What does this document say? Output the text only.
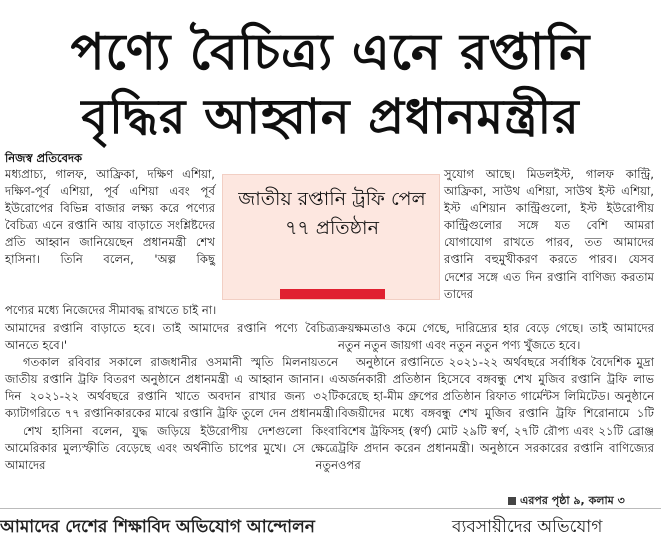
পণ্যে বৈচিত্র্য এনে রপ্তানি
বৃদ্ধির আহ্বান প্রধানমন্ত্রীর
নিজস্ব প্রতিবেদক

মধ্যপ্রাচ্য, গালফ, আফ্রিকা, দক্ষিণ এশিয়া, দক্ষিণ-পূর্ব এশিয়া, পূর্ব এশিয়া এবং পূর্ব ইউরোপের বিভিন্ন বাজার লক্ষ্য করে পণ্যের বৈচিত্র্য এনে রপ্তানি আয় বাড়াতে সংশ্লিষ্টদের প্রতি আহ্বান জানিয়েছেন প্রধানমন্ত্রী শেখ হাসিনা। তিনি বলেন, 'অল্প কিছু

জাতীয় রপ্তানি ট্রফি পেল ৭৭ প্রতিষ্ঠান

সুযোগ আছে। মিডলইস্ট, গালফ কান্ট্রি, আফ্রিকা, সাউথ এশিয়া, সাউথ ইস্ট এশিয়া, ইস্ট এশিয়ান কান্ট্রিগুলো, ইস্ট ইউরোপীয় কান্ট্রিগুলোর সঙ্গে যত বেশি আমরা যোগাযোগ রাখতে পারব, তত আমাদের রপ্তানি বহুমুখীকরণ করতে পারব। যেসব দেশের সঙ্গে এত দিন রপ্তানি বাণিজ্য করতাম তাদের

পণ্যের মধ্যে নিজেদের সীমাবদ্ধ রাখতে চাই না।

আমাদের রপ্তানি বাড়াতে হবে। তাই আমাদের রপ্তানি পণ্যে বৈচিত্র্য আনতে হবে।'

গতকাল রবিবার সকালে রাজধানীর ওসমানী স্মৃতি মিলনায়তনে জাতীয় রপ্তানি ট্রফি বিতরণ অনুষ্ঠানে প্রধানমন্ত্রী এ আহ্বান জানান। এ দিন ২০২১-২২ অর্থবছরে রপ্তানি খাতে অবদান রাখার জন্য ৩২টি ক্যাটাগরিতে ৭৭ রপ্তানিকারকের মাঝে রপ্তানি ট্রফি তুলে দেন প্রধানমন্ত্রী।

শেখ হাসিনা বলেন, যুদ্ধ জড়িয়ে ইউরোপীয় দেশগুলো কিংবা আমেরিকার মুল্যস্ফীতি বেড়েছে এবং অর্থনীতি চাপের মুখে। সে ক্ষেত্রে আমাদের নতুন

ক্রয়ক্ষমতাও কমে গেছে, দারিদ্র্যের হার বেড়ে গেছে। তাই আমাদের নতুন নতুন জায়গা এবং নতুন নতুন পণ্য খুঁজতে হবে।

অনুষ্ঠানে রপ্তানিতে ২০২১-২২ অর্থবছরে সর্বাধিক বৈদেশিক মুদ্রা অর্জনকারী প্রতিষ্ঠান হিসেবে বঙ্গবন্ধু শেখ মুজিব রপ্তানি ট্রফি লাভ করেছে হা-মীম গ্রুপের প্রতিষ্ঠান রিফাত গার্মেন্টস লিমিটেড। অনুষ্ঠানে বিজয়ীদের মধ্যে বঙ্গবন্ধু শেখ মুজিব রপ্তানি ট্রফি শিরোনামে ১টি বিশেষ ট্রফিসহ (স্বর্ণ) মোট ২৯টি স্বর্ণ, ২৭টি রৌপ্য এবং ২১টি ব্রোঞ্জ ট্রফি প্রদান করেন প্রধানমন্ত্রী। অনুষ্ঠানে সরকারের রপ্তানি বাণিজ্যের ওপর

এরপর পৃষ্ঠা ৯, কলাম ৩
আমাদের দেশের শিক্ষাবিদ অভিযোগ আন্দোলন	ব্যবসায়ীদের অভিযোগ
